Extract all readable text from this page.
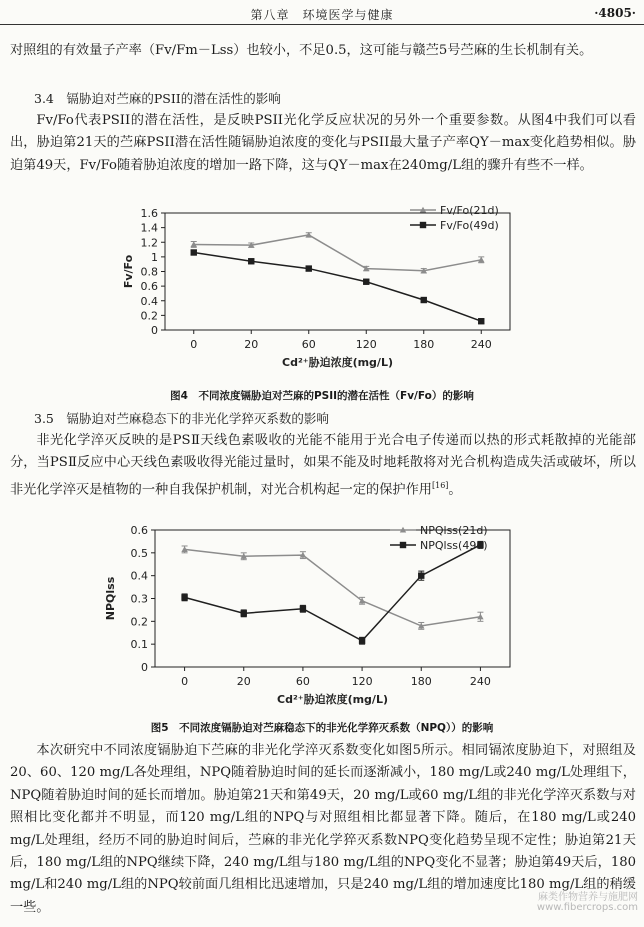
第八章　环境医学与健康	·4805·

对照组的有效量子产率（Fv/Fm－Lss）也较小，不足0.5，这可能与赣苎5号苎麻的生长机制有关。

3.4　镉胁迫对苎麻的PSII的潜在活性的影响

Fv/Fo代表PSII的潜在活性，是反映PSII光化学反应状况的另外一个重要参数。从图4中我们可以看出，胁迫第21天的苎麻PSII潜在活性随镉胁迫浓度的变化与PSII最大量子产率QY－max变化趋势相似。胁迫第49天，Fv/Fo随着胁迫浓度的增加一路下降，这与QY－max在240mg/L组的骤升有些不一样。

0
0.2
0.4
0.6
0.8
1
1.2
1.4
1.6
0	20	60	120	180	240
Cd²⁺胁迫浓度(mg/L)
Fv/Fo
Fv/Fo(21d)
Fv/Fo(49d)
图4　不同浓度镉胁迫对苎麻的PSII的潜在活性（Fv/Fo）的影响
3.5　镉胁迫对苎麻稳态下的非光化学猝灭系数的影响

非光化学淬灭反映的是PSⅡ天线色素吸收的光能不能用于光合电子传递而以热的形式耗散掉的光能部分，当PSⅡ反应中心天线色素吸收得光能过量时，如果不能及时地耗散将对光合机构造成失活或破坏，所以非光化学淬灭是植物的一种自我保护机制，对光合机构起一定的保护作用[16]。

0
0.1
0.2
0.3
0.4
0.5
0.6
0	20	60	120	180	240
Cd²⁺胁迫浓度(mg/L)
NPQlss
NPQlss(21d)
NPQlss(49d)
图5　不同浓度镉胁迫对苎麻稳态下的非光化学猝灭系数（NPQ））的影响

本次研究中不同浓度镉胁迫下苎麻的非光化学淬灭系数变化如图5所示。相同镉浓度胁迫下，对照组及20、60、120 mg/L各处理组，NPQ随着胁迫时间的延长而逐渐减小，180 mg/L或240 mg/L处理组下，NPQ随着胁迫时间的延长而增加。胁迫第21天和第49天，20 mg/L或60 mg/L组的非光化学淬灭系数与对照相比变化都并不明显，而120 mg/L组的NPQ与对照组相比都显著下降。随后，在180 mg/L或240 mg/L处理组，经历不同的胁迫时间后，苎麻的非光化学猝灭系数NPQ变化趋势呈现不定性；胁迫第21天后，180 mg/L组的NPQ继续下降，240 mg/L组与180 mg/L组的NPQ变化不显著；胁迫第49天后，180 mg/L和240 mg/L组的NPQ较前面几组相比迅速增加，只是240 mg/L组的增加速度比180 mg/L组的稍缓一些。

麻类作物营养与施肥网
www.fibercrops.com
